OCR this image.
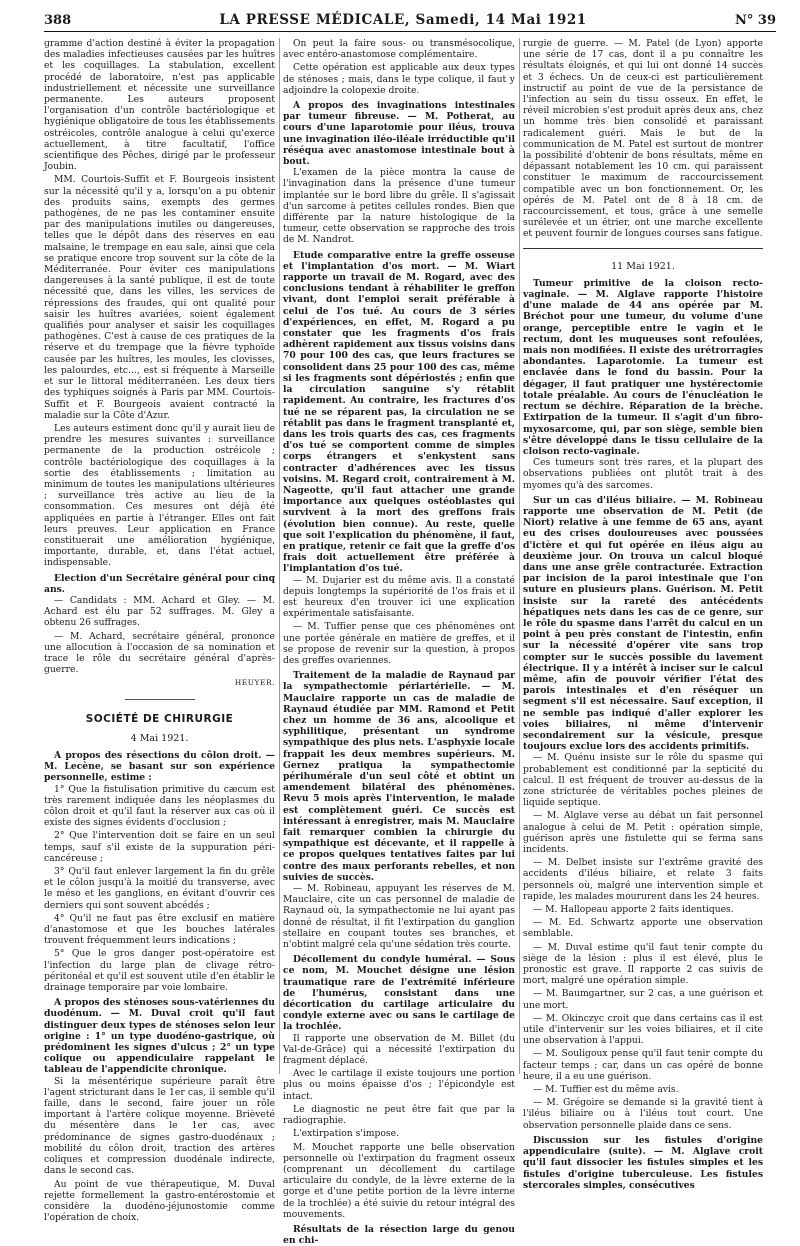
388	LA PRESSE MÉDICALE, Samedi, 14 Mai 1921	N° 39

gramme d'action destiné à éviter la propagation des maladies infectieuses causées par les huîtres et les coquillages. La stabulation, excellent procédé de laboratoire, n'est pas applicable industriellement et nécessite une surveillance permanente. Les auteurs proposent l'organisation d'un contrôle bactériologique et hygiénique obligatoire de tous les établissements ostréicoles, contrôle analogue à celui qu'exerce actuellement, à titre facultatif, l'office scientifique des Pêches, dirigé par le professeur Joubin.

MM. Courtois-Suffit et F. Bourgeois insistent sur la nécessité qu'il y a, lorsqu'on a pu obtenir des produits sains, exempts des germes pathogènes, de ne pas les contaminer ensuite par des manipulations inutiles ou dangereuses, telles que le dépôt dans des réserves en eau malsaine, le trempage en eau sale, ainsi que cela se pratique encore trop souvent sur la côte de la Méditerranée. Pour éviter ces manipulations dangereuses à la santé publique, il est de toute nécessité que, dans les villes, les services de répressions des fraudes, qui ont qualité pour saisir les huîtres avariées, soient également qualifiés pour analyser et saisir les coquillages pathogènes. C'est à cause de ces pratiques de la réserve et du trempage que la fièvre typhoïde causée par les huîtres, les moules, les clovisses, les palourdes, etc..., est si fréquente à Marseille et sur le littoral méditerranéen. Les deux tiers des typhiques soignés à Paris par MM. Courtois-Suffit et F. Bourgeois avaient contracté la maladie sur la Côte d'Azur.

Les auteurs estiment donc qu'il y aurait lieu de prendre les mesures suivantes : surveillance permanente de la production ostréicole ; contrôle bactériologique des coquillages à la sortie des établissements ; limitation au minimum de toutes les manipulations ultérieures ; surveillance très active au lieu de la consommation. Ces mesures ont déjà été appliquées en partie à l'étranger. Elles ont fait leurs preuves. Leur application en France constituerait une amélioration hygiénique, importante, durable, et, dans l'état actuel, indispensable.

Election d'un Secrétaire général pour cinq ans.

— Candidats : MM. Achard et Gley. — M. Achard est élu par 52 suffrages. M. Gley a obtenu 26 suffrages.

— M. Achard, secrétaire général, prononce une allocution à l'occasion de sa nomination et trace le rôle du secrétaire général d'après-guerre.

HEUYER.

SOCIÉTÉ DE CHIRURGIE
4 Mai 1921.
A propos des résections du côlon droit. — M. Lecène, se basant sur son expérience personnelle, estime :

1° Que la fistulisation primitive du cæcum est très rarement indiquée dans les néoplasmes du côlon droit et qu'il faut la réserver aux cas où il existe des signes évidents d'occlusion ;

2° Que l'intervention doit se faire en un seul temps, sauf s'il existe de la suppuration péri-cancéreuse ;

3° Qu'il faut enlever largement la fin du grêle et le côlon jusqu'à la moitié du transverse, avec le méso et les ganglions, en évitant d'ouvrir ces derniers qui sont souvent abcédés ;

4° Qu'il ne faut pas être exclusif en matière d'anastomose et que les bouches latérales trouvent fréquemment leurs indications ;

5° Que le gros danger post-opératoire est l'infection du large plan de clivage rétro-péritonéal et qu'il est souvent utile d'en établir le drainage temporaire par voie lombaire.

A propos des sténoses sous-vatériennes du duodénum. — M. Duval croit qu'il faut distinguer deux types de sténoses selon leur origine : 1° un type duodéno-gastrique, où prédominent les signes d'ulcus ; 2° un type colique ou appendiculaire rappelant le tableau de l'appendicite chronique.

Si la mésentérique supérieure paraît être l'agent stricturant dans le 1er cas, il semble qu'il faille, dans le second, faire jouer un rôle important à l'artère colique moyenne. Brièveté du mésentère dans le 1er cas, avec prédominance de signes gastro-duodénaux ; mobilité du côlon droit, traction des artères coliques et compression duodénale indirecte, dans le second cas.

Au point de vue thérapeutique, M. Duval rejette formellement la gastro-entérostomie et considère la duodéno-jéjunostomie comme l'opération de choix.

On peut la faire sous- ou transmésocolique, avec entéro-anastomose complémentaire.

Cette opération est applicable aux deux types de sténoses ; mais, dans le type colique, il faut y adjoindre la colopexie droite.

A propos des invaginations intestinales par tumeur fibreuse. — M. Potherat, au cours d'une laparotomie pour iléus, trouva une invagination iléo-iléale irréductible qu'il réséqua avec anastomose intestinale bout à bout.

L'examen de la pièce montra la cause de l'invagination dans la présence d'une tumeur implantée sur le bord libre du grêle. Il s'agissait d'un sarcome à petites cellules rondes. Bien que différente par la nature histologique de la tumeur, cette observation se rapproche des trois de M. Nandrot.

Etude comparative entre la greffe osseuse et l'implantation d'os mort. — M. Wiart rapporte un travail de M. Rogard, avec des conclusions tendant à réhabiliter le greffon vivant, dont l'emploi serait préférable à celui de l'os tué. Au cours de 3 séries d'expériences, en effet, M. Rogard a pu constater que les fragments d'os frais adhèrent rapidement aux tissus voisins dans 70 pour 100 des cas, que leurs fractures se consolident dans 25 pour 100 des cas, même si les fragments sont dépériostés ; enfin que la circulation sanguine s'y rétablit rapidement. Au contraire, les fractures d'os tué ne se réparent pas, la circulation ne se rétablit pas dans le fragment transplanté et, dans les trois quarts des cas, ces fragments d'os tué se comportent comme de simples corps étrangers et s'enkystent sans contracter d'adhérences avec les tissus voisins. M. Regard croit, contrairement à M. Nageotte, qu'il faut attacher une grande importance aux quelques ostéoblastes qui survivent à la mort des greffons frais (évolution bien connue). Au reste, quelle que soit l'explication du phénomène, il faut, en pratique, retenir ce fait que la greffe d'os frais doit actuellement être préférée à l'implantation d'os tué.

— M. Dujarier est du même avis. Il a constaté depuis longtemps la supériorité de l'os frais et il est heureux d'en trouver ici une explication expérimentale satisfaisante.

— M. Tuffier pense que ces phénomènes ont une portée générale en matière de greffes, et il se propose de revenir sur la question, à propos des greffes ovariennes.

Traitement de la maladie de Raynaud par la sympathectomie périartérielle. — M. Mauclaire rapporte un cas de maladie de Raynaud étudiée par MM. Ramond et Petit chez un homme de 36 ans, alcoolique et syphilitique, présentant un syndrome sympathique des plus nets. L'asphyxie locale frappait les deux membres supérieurs. M. Gernez pratiqua la sympathectomie périhumérale d'un seul côté et obtint un amendement bilatéral des phénomènes. Revu 5 mois après l'intervention, le malade est complètement guéri. Ce succès est intéressant à enregistrer, mais M. Mauclaire fait remarquer combien la chirurgie du sympathique est décevante, et il rappelle à ce propos quelques tentatives faites par lui contre des maux perforants rebelles, et non suivies de succès.

— M. Robineau, appuyant les réserves de M. Mauclaire, cite un cas personnel de maladie de Raynaud où, la sympathectomie ne lui ayant pas donné de résultat, il fit l'extirpation du ganglion stellaire en coupant toutes ses branches, et n'obtint malgré cela qu'une sédation très courte.

Décollement du condyle huméral. — Sous ce nom, M. Mouchet désigne une lésion traumatique rare de l'extrémité inférieure de l'humérus, consistant dans une décortication du cartilage articulaire du condyle externe avec ou sans le cartilage de la trochlée.

Il rapporte une observation de M. Billet (du Val-de-Grâce) qui a nécessité l'extirpation du fragment déplacé.

Avec le cartilage il existe toujours une portion plus ou moins épaisse d'os ; l'épicondyle est intact.

Le diagnostic ne peut être fait que par la radiographie.

L'extirpation s'impose.

M. Mouchet rapporte une belle observation personnelle où l'extirpation du fragment osseux (comprenant un décollement du cartilage articulaire du condyle, de la lèvre externe de la gorge et d'une petite portion de la lèvre interne de la trochlée) a été suivie du retour intégral des mouvements.

Résultats de la résection large du genou en chi-

rurgie de guerre. — M. Patel (de Lyon) apporte une série de 17 cas, dont il a pu connaître les résultats éloignés, et qui lui ont donné 14 succès et 3 échecs. Un de ceux-ci est particulièrement instructif au point de vue de la persistance de l'infection au sein du tissu osseux. En effet, le réveil microbien s'est produit après deux ans, chez un homme très bien consolidé et paraissant radicalement guéri. Mais le but de la communication de M. Patel est surtout de montrer la possibilité d'obtenir de bons résultats, même en dépassant notablement les 10 cm. qui paraissent constituer le maximum de raccourcissement compatible avec un bon fonctionnement. Or, les opérés de M. Patel ont de 8 à 18 cm. de raccourcissement, et tous, grâce à une semelle surélevée et un étrier, ont une marche excellente et peuvent fournir de longues courses sans fatigue.

11 Mai 1921.
Tumeur primitive de la cloison recto-vaginale. — M. Alglave rapporte l'histoire d'une malade de 44 ans opérée par M. Bréchot pour une tumeur, du volume d'une orange, perceptible entre le vagin et le rectum, dont les muqueuses sont refoulées, mais non modifiées. Il existe des urétrorragies abondantes. Laparotomie. La tumeur est enclavée dans le fond du bassin. Pour la dégager, il faut pratiquer une hystérectomie totale préalable. Au cours de l'énucléation le rectum se déchire. Réparation de la brèche. Extirpation de la tumeur. Il s'agit d'un fibro-myxosarcome, qui, par son siège, semble bien s'être développé dans le tissu cellulaire de la cloison recto-vaginale.

Ces tumeurs sont très rares, et la plupart des observations publiées ont plutôt trait à des myomes qu'à des sarcomes.

Sur un cas d'iléus biliaire. — M. Robineau rapporte une observation de M. Petit (de Niort) relative à une femme de 65 ans, ayant eu des crises douloureuses avec poussées d'ictère et qui fut opérée en iléus aigu au deuxième jour. On trouva un calcul bloqué dans une anse grêle contracturée. Extraction par incision de la paroi intestinale que l'on suture en plusieurs plans. Guérison. M. Petit insiste sur la rareté des antécédents hépatiques nets dans les cas de ce genre, sur le rôle du spasme dans l'arrêt du calcul en un point à peu près constant de l'intestin, enfin sur la nécessité d'opérer vite sans trop compter sur le succès possible du lavement électrique. Il y a intérêt à inciser sur le calcul même, afin de pouvoir vérifier l'état des parois intestinales et d'en réséquer un segment s'il est nécessaire. Sauf exception, il ne semble pas indiqué d'aller explorer les voies biliaires, ni même d'intervenir secondairement sur la vésicule, presque toujours exclue lors des accidents primitifs.

— M. Quénu insiste sur le rôle du spasme qui probablement est conditionné par la septicité du calcul. Il est fréquent de trouver au-dessus de la zone stricturée de véritables poches pleines de liquide septique.

— M. Alglave verse au débat un fait personnel analogue à celui de M. Petit : opération simple, guérison après une fistulette qui se ferma sans incidents.

— M. Delbet insiste sur l'extrême gravité des accidents d'iléus biliaire, et relate 3 faits personnels où, malgré une intervention simple et rapide, les malades moururent dans les 24 heures.

— M. Hallopeau apporte 2 faits identiques.

— M. Ed. Schwartz apporte une observation semblable.

— M. Duval estime qu'il faut tenir compte du siège de la lésion : plus il est élevé, plus le pronostic est grave. Il rapporte 2 cas suivis de mort, malgré une opération simple.

— M. Baumgartner, sur 2 cas, a une guérison et une mort.

— M. Okinczyc croit que dans certains cas il est utile d'intervenir sur les voies biliaires, et il cite une observation à l'appui.

— M. Souligoux pense qu'il faut tenir compte du facteur temps ; car, dans un cas opéré de bonne heure, il a eu une guérison.

— M. Tuffier est du même avis.

— M. Grégoire se demande si la gravité tient à l'iléus biliaire ou à l'iléus tout court. Une observation personnelle plaide dans ce sens.

Discussion sur les fistules d'origine appendiculaire (suite). — M. Alglave croit qu'il faut dissocier les fistules simples et les fistules d'origine tuberculeuse. Les fistules stercorales simples, consécutives
